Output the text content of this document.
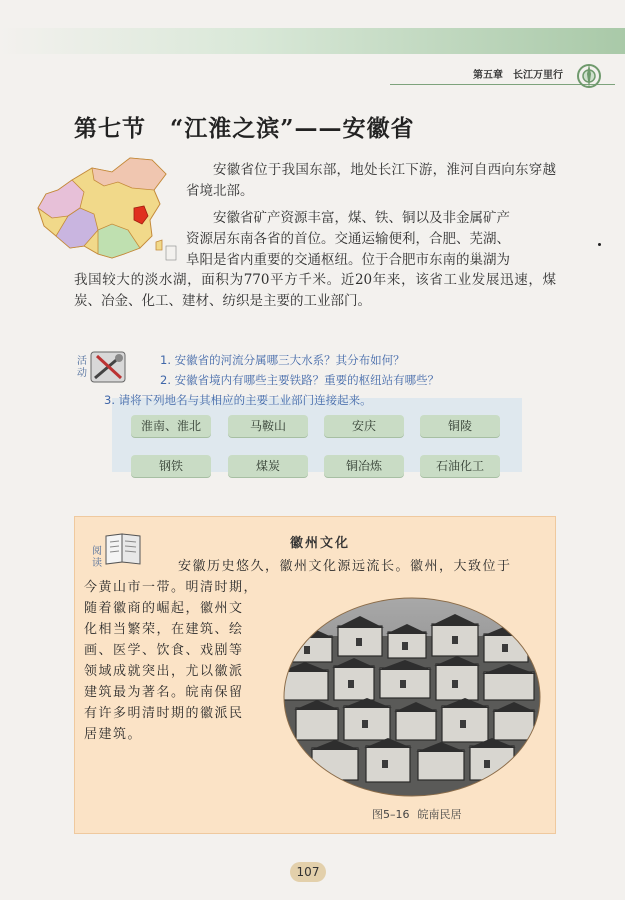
第五章 长江万里行
第七节 “江淮之滨”——安徽省
安徽省位于我国东部，地处长江下游，淮河自西向东穿越省境北部。
安徽省矿产资源丰富，煤、铁、铜以及非金属矿产
资源居东南各省的首位。交通运输便利，合肥、芜湖、
阜阳是省内重要的交通枢纽。位于合肥市东南的巢湖为
我国较大的淡水湖，面积为770平方千米。近20年来，该省工业发展迅速，煤炭、冶金、化工、建材、纺织是主要的工业部门。
活动
1. 安徽省的河流分属哪三大水系？其分布如何？
2. 安徽省境内有哪些主要铁路？重要的枢纽站有哪些？
3. 请将下列地名与其相应的主要工业部门连接起来。
淮南、淮北	马鞍山	安庆	铜陵
钢铁	煤炭	铜冶炼	石油化工
阅读
徽州文化
安徽历史悠久，徽州文化源远流长。徽州，大致位于
今黄山市一带。明清时期，
随着徽商的崛起，徽州文
化相当繁荣，在建筑、绘
画、医学、饮食、戏剧等
领域成就突出，尤以徽派
建筑最为著名。皖南保留
有许多明清时期的徽派民
居建筑。
图5–16 皖南民居
107
